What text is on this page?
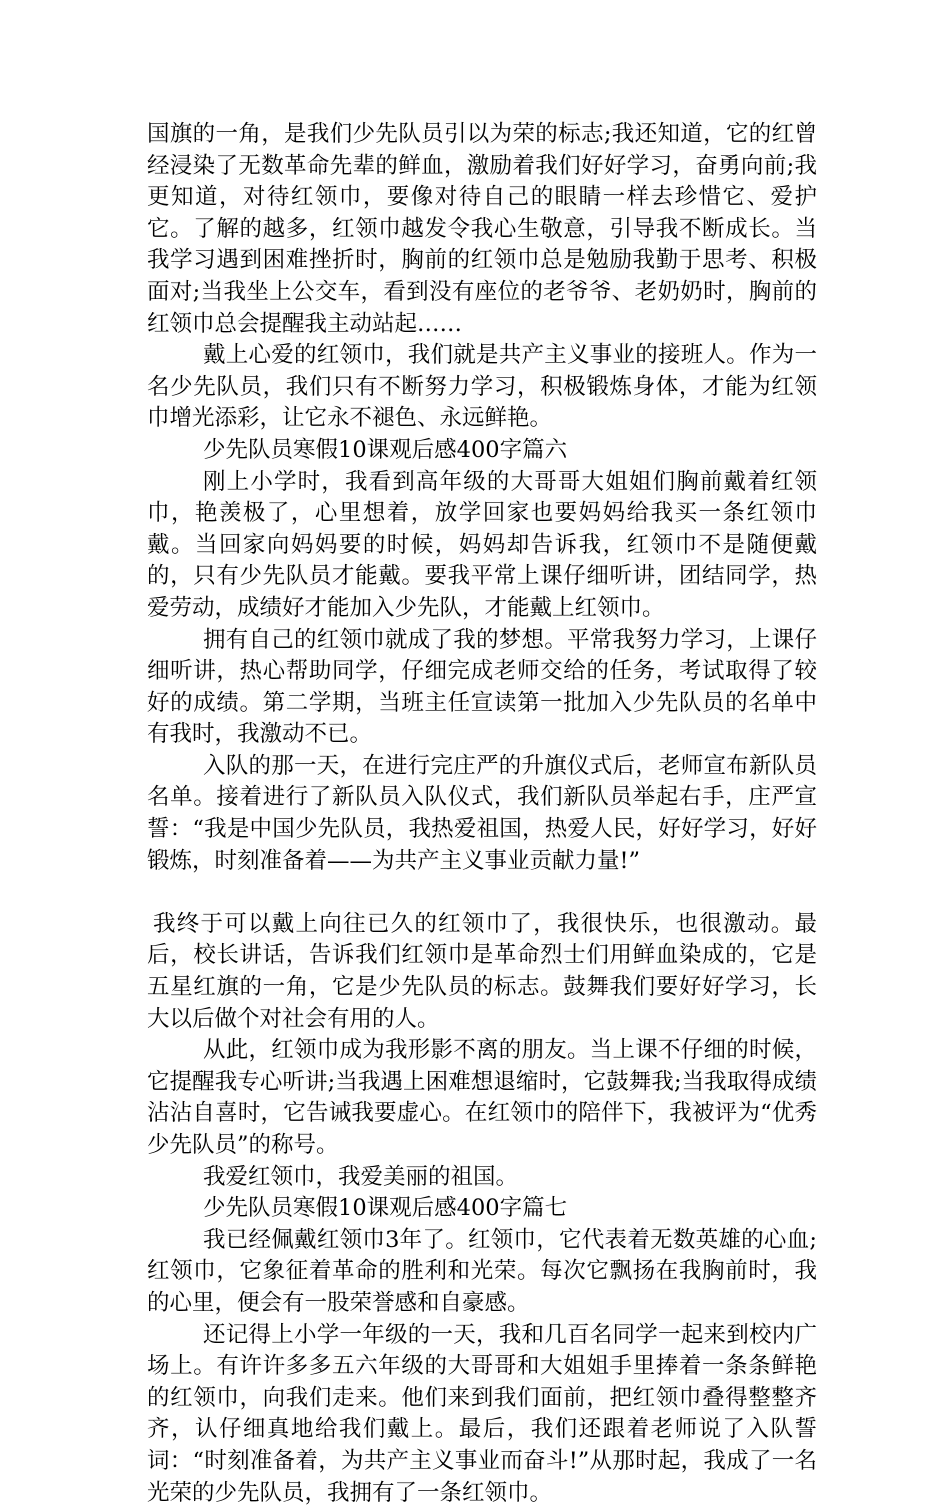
国旗的一角，是我们少先队员引以为荣的标志;我还知道，它的红曾经浸染了无数革命先辈的鲜血，激励着我们好好学习，奋勇向前;我更知道，对待红领巾，要像对待自己的眼睛一样去珍惜它、爱护它。了解的越多，红领巾越发令我心生敬意，引导我不断成长。当我学习遇到困难挫折时，胸前的红领巾总是勉励我勤于思考、积极面对;当我坐上公交车，看到没有座位的老爷爷、老奶奶时，胸前的红领巾总会提醒我主动站起……

戴上心爱的红领巾，我们就是共产主义事业的接班人。作为一名少先队员，我们只有不断努力学习，积极锻炼身体，才能为红领巾增光添彩，让它永不褪色、永远鲜艳。

少先队员寒假10课观后感400字篇六

刚上小学时，我看到高年级的大哥哥大姐姐们胸前戴着红领巾，艳羡极了，心里想着，放学回家也要妈妈给我买一条红领巾戴。当回家向妈妈要的时候，妈妈却告诉我，红领巾不是随便戴的，只有少先队员才能戴。要我平常上课仔细听讲，团结同学，热爱劳动，成绩好才能加入少先队，才能戴上红领巾。

拥有自己的红领巾就成了我的梦想。平常我努力学习，上课仔细听讲，热心帮助同学，仔细完成老师交给的任务，考试取得了较好的成绩。第二学期，当班主任宣读第一批加入少先队员的名单中有我时，我激动不已。

入队的那一天，在进行完庄严的升旗仪式后，老师宣布新队员名单。接着进行了新队员入队仪式，我们新队员举起右手，庄严宣誓：“我是中国少先队员，我热爱祖国，热爱人民，好好学习，好好锻炼，时刻准备着——为共产主义事业贡献力量!”

我终于可以戴上向往已久的红领巾了，我很快乐，也很激动。最后，校长讲话，告诉我们红领巾是革命烈士们用鲜血染成的，它是五星红旗的一角，它是少先队员的标志。鼓舞我们要好好学习，长大以后做个对社会有用的人。

从此，红领巾成为我形影不离的朋友。当上课不仔细的时候，它提醒我专心听讲;当我遇上困难想退缩时，它鼓舞我;当我取得成绩沾沾自喜时，它告诫我要虚心。在红领巾的陪伴下，我被评为“优秀少先队员”的称号。

我爱红领巾，我爱美丽的祖国。

少先队员寒假10课观后感400字篇七

我已经佩戴红领巾3年了。红领巾，它代表着无数英雄的心血;红领巾，它象征着革命的胜利和光荣。每次它飘扬在我胸前时，我的心里，便会有一股荣誉感和自豪感。

还记得上小学一年级的一天，我和几百名同学一起来到校内广场上。有许许多多五六年级的大哥哥和大姐姐手里捧着一条条鲜艳的红领巾，向我们走来。他们来到我们面前，把红领巾叠得整整齐齐，认仔细真地给我们戴上。最后，我们还跟着老师说了入队誓词：“时刻准备着，为共产主义事业而奋斗!”从那时起，我成了一名光荣的少先队员，我拥有了一条红领巾。
